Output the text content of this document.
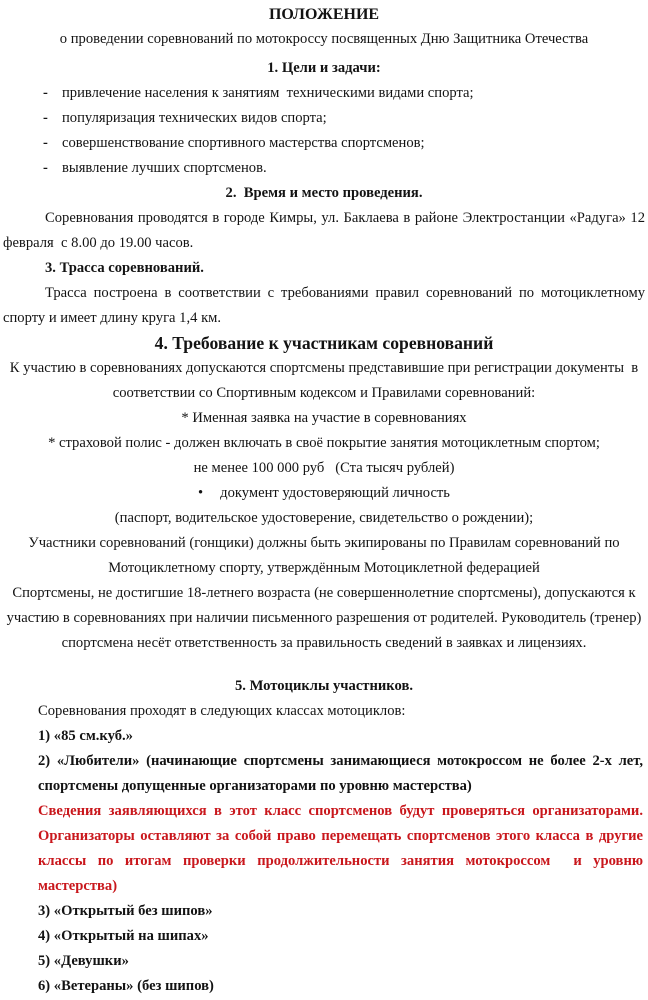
ПОЛОЖЕНИЕ
о проведении соревнований по мотокроссу посвященных Дню Защитника Отечества
1. Цели и задачи:
- привлечение населения к занятиям  техническими видами спорта;
- популяризация технических видов спорта;
- совершенствование спортивного мастерства спортсменов;
- выявление лучших спортсменов.
2.  Время и место проведения.
Соревнования проводятся в городе Кимры, ул. Баклаева в районе Электростанции «Радуга» 12
февраля  с 8.00 до 19.00 часов.
3. Трасса соревнований.
Трасса построена в соответствии с требованиями правил соревнований по мотоциклетному
спорту и имеет длину круга 1,4 км.
4. Требование к участникам соревнований
К участию в соревнованиях допускаются спортсмены представившие при регистрации документы  в
соответствии со Спортивным кодексом и Правилами соревнований:
* Именная заявка на участие в соревнованиях
* страховой полис - должен включать в своё покрытие занятия мотоциклетным спортом;
не менее 100 000 руб   (Ста тысяч рублей)
• документ удостоверяющий личность
(паспорт, водительское удостоверение, свидетельство о рождении);
Участники соревнований (гонщики) должны быть экипированы по Правилам соревнований по
Мотоциклетному спорту, утверждённым Мотоциклетной федерацией
Спортсмены, не достигшие 18-летнего возраста (не совершеннолетние спортсмены), допускаются к
участию в соревнованиях при наличии письменного разрешения от родителей. Руководитель (тренер)
спортсмена несёт ответственность за правильность сведений в заявках и лицензиях.
5. Мотоциклы участников.
Соревнования проходят в следующих классах мотоциклов:
1) «85 см.куб.»
2) «Любители» (начинающие спортсмены занимающиеся мотокроссом не более 2-х лет,
спортсмены допущенные организаторами по уровню мастерства)
Сведения заявляющихся в этот класс спортсменов будут проверяться организаторами.
Организаторы оставляют за собой право перемещать спортсменов этого класса в другие
классы по итогам проверки продолжительности занятия мотокроссом  и уровню
мастерства)
3) «Открытый без шипов»
4) «Открытый на шипах»
5) «Девушки»
6) «Ветераны» (без шипов)
